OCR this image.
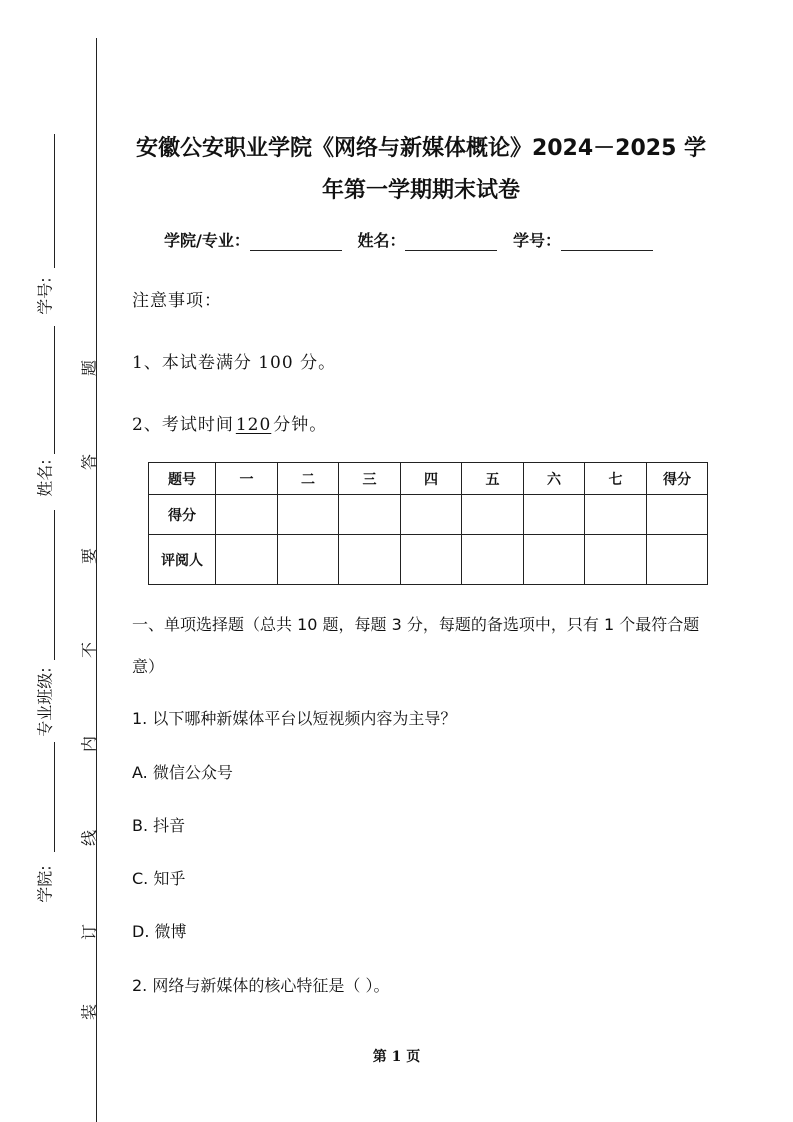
学号:
姓名:
专业班级:
学院:
题
答
要
不
内
线
订
装
安徽公安职业学院《网络与新媒体概论》2024－2025 学
年第一学期期末试卷
学院/专业：	姓名：	学号：
注意事项：
1、本试卷满分 100 分。
2、考试时间 120 分钟。
题号	一	二	三	四	五	六	七	得分
得分								
评阅人								
一、单项选择题（总共 10 题，每题 3 分，每题的备选项中，只有 1 个最符合题意）
1. 以下哪种新媒体平台以短视频内容为主导？
A. 微信公众号
B. 抖音
C. 知乎
D. 微博
2. 网络与新媒体的核心特征是（ ）。
第 1 页
